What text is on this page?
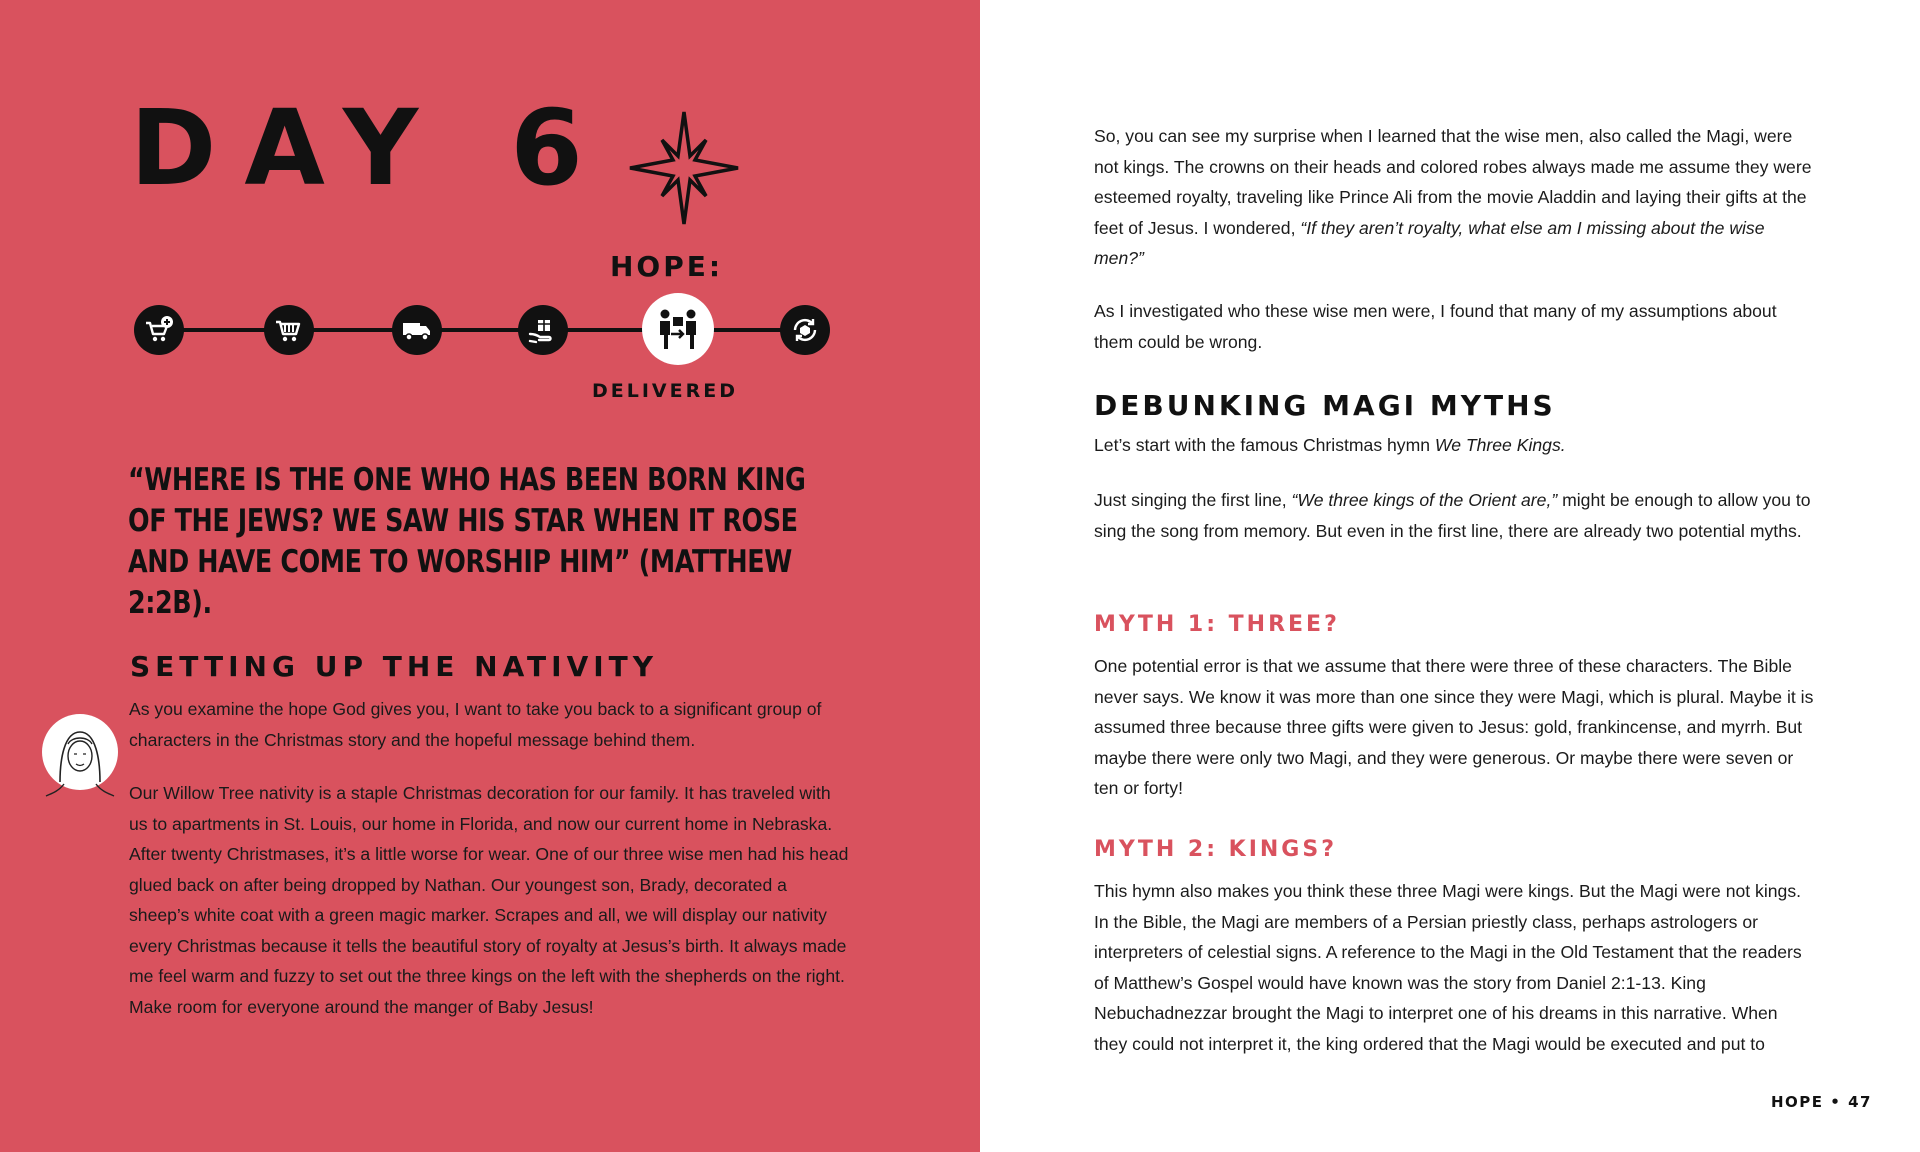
DAY 6
HOPE:
DELIVERED

“WHERE IS THE ONE WHO HAS BEEN BORN KING OF THE JEWS? WE SAW HIS STAR WHEN IT ROSE AND HAVE COME TO WORSHIP HIM” (MATTHEW 2:2B).

SETTING UP THE NATIVITY

As you examine the hope God gives you, I want to take you back to a significant group of characters in the Christmas story and the hopeful message behind them.

Our Willow Tree nativity is a staple Christmas decoration for our family. It has traveled with us to apartments in St. Louis, our home in Florida, and now our current home in Nebraska. After twenty Christmases, it’s a little worse for wear. One of our three wise men had his head glued back on after being dropped by Nathan. Our youngest son, Brady, decorated a sheep’s white coat with a green magic marker. Scrapes and all, we will display our nativity every Christmas because it tells the beautiful story of royalty at Jesus’s birth. It always made me feel warm and fuzzy to set out the three kings on the left with the shepherds on the right. Make room for everyone around the manger of Baby Jesus!

So, you can see my surprise when I learned that the wise men, also called the Magi, were not kings. The crowns on their heads and colored robes always made me assume they were esteemed royalty, traveling like Prince Ali from the movie Aladdin and laying their gifts at the feet of Jesus. I wondered, “If they aren’t royalty, what else am I missing about the wise men?”

As I investigated who these wise men were, I found that many of my assumptions about them could be wrong.

DEBUNKING MAGI MYTHS

Let’s start with the famous Christmas hymn We Three Kings.

Just singing the first line, “We three kings of the Orient are,” might be enough to allow you to sing the song from memory. But even in the first line, there are already two potential myths.

MYTH 1: THREE?

One potential error is that we assume that there were three of these characters. The Bible never says. We know it was more than one since they were Magi, which is plural. Maybe it is assumed three because three gifts were given to Jesus: gold, frankincense, and myrrh. But maybe there were only two Magi, and they were generous. Or maybe there were seven or ten or forty!

MYTH 2: KINGS?

This hymn also makes you think these three Magi were kings. But the Magi were not kings. In the Bible, the Magi are members of a Persian priestly class, perhaps astrologers or interpreters of celestial signs. A reference to the Magi in the Old Testament that the readers of Matthew’s Gospel would have known was the story from Daniel 2:1-13. King Nebuchadnezzar brought the Magi to interpret one of his dreams in this narrative. When they could not interpret it, the king ordered that the Magi would be executed and put to

HOPE • 47
